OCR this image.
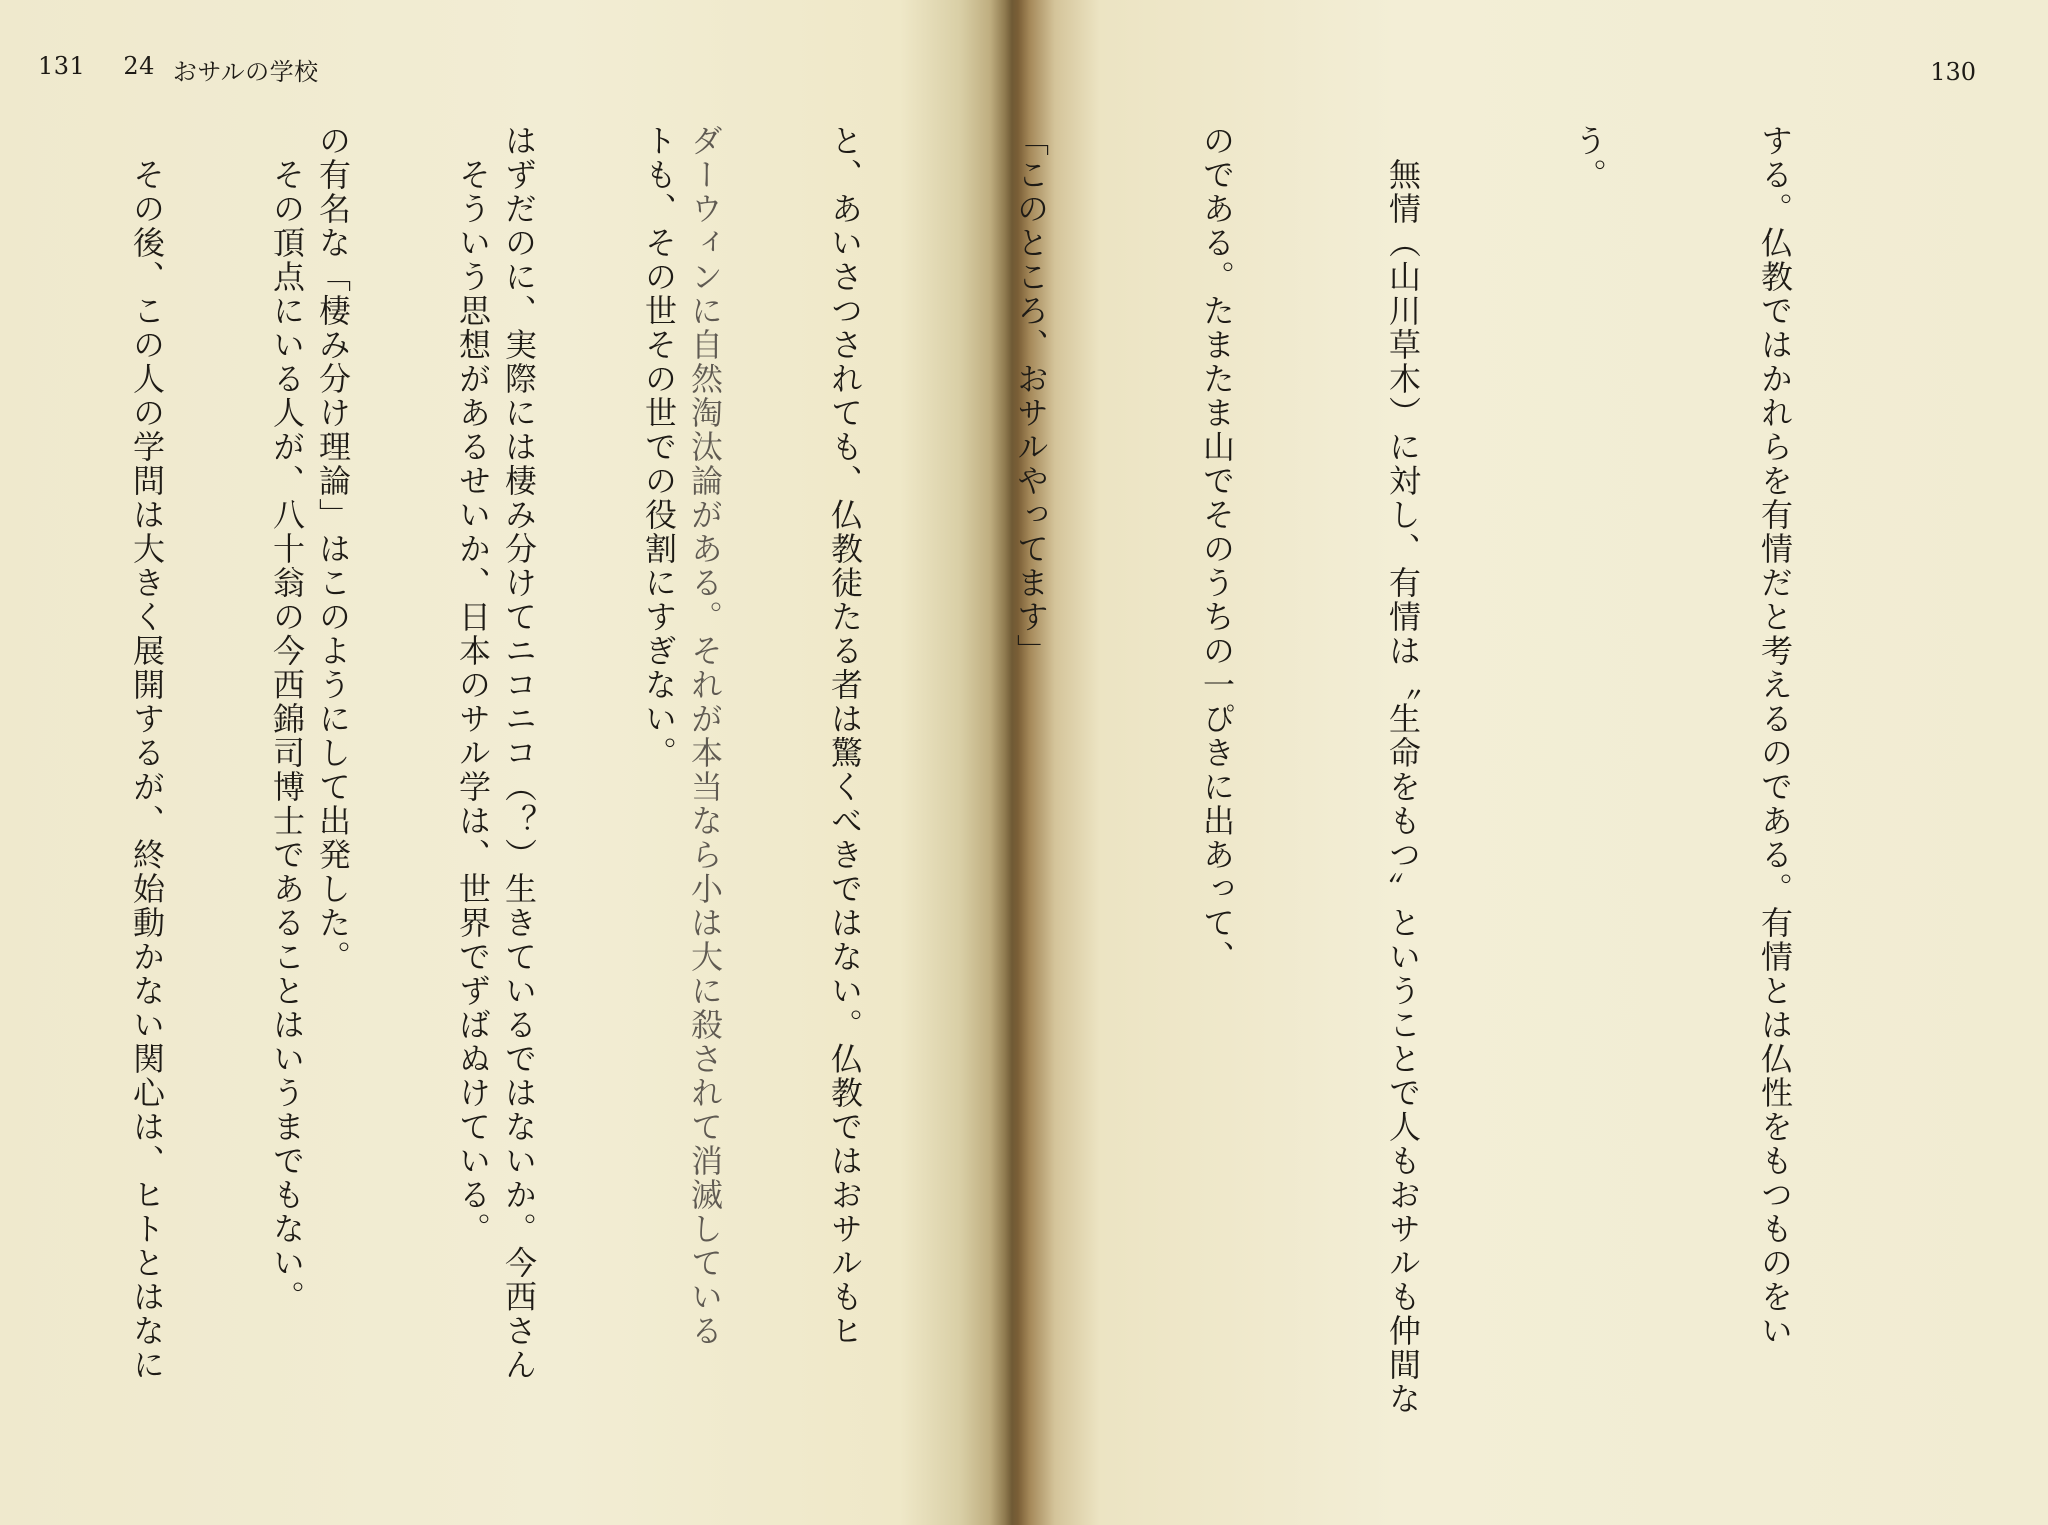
131 24 おサルの学校

ダーウィンに自然淘汰論がある。それが本当なら小は大に殺されて消滅している

はずだのに、実際には棲み分けてニコニコ（？）生きているではないか。今西さん

の有名な「棲み分け理論」はこのようにして出発した。

　その後、この人の学問は大きく展開するが、終始動かない関心は、ヒトとはなに

130

する。仏教ではかれらを有情だと考えるのである。有情とは仏性をもつものをい

う。

　無情（山川草木）に対し、有情は〝生命をもつ〟ということで人もおサルも仲間な

のである。たまたま山でそのうちの一ぴきに出あって、

「このところ、おサルやってます」

と、あいさつされても、仏教徒たる者は驚くべきではない。仏教ではおサルもヒ

トも、その世その世での役割にすぎない。

　そういう思想があるせいか、日本のサル学は、世界でずばぬけている。

　その頂点にいる人が、八十翁の今西錦司博士であることはいうまでもない。
